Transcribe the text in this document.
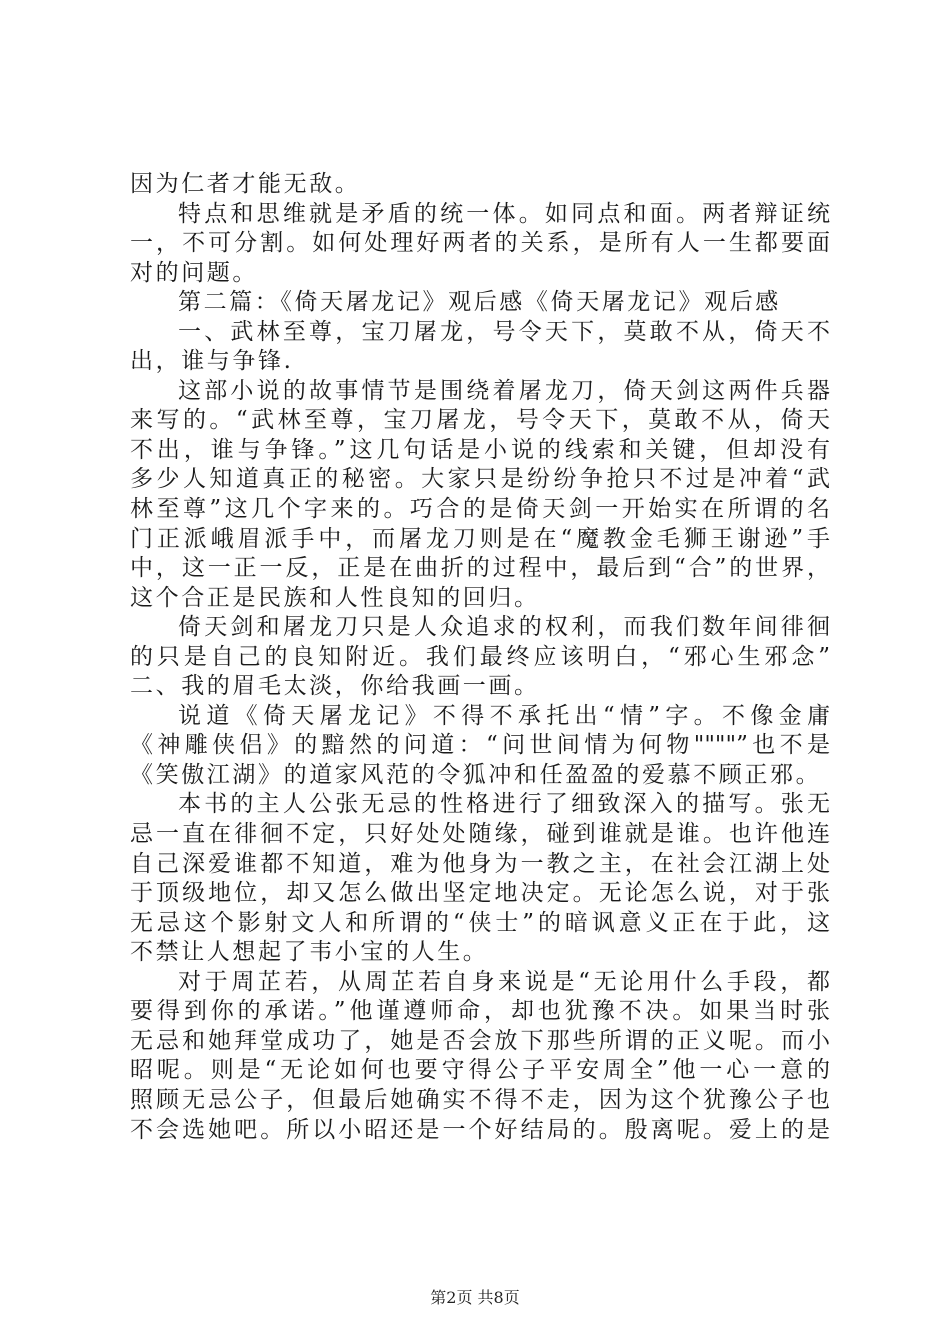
因为仁者才能无敌。
特点和思维就是矛盾的统一体。如同点和面。两者辩证统
一，不可分割。如何处理好两者的关系，是所有人一生都要面
对的问题。
第二篇：《倚天屠龙记》观后感《倚天屠龙记》观后感
一、武林至尊，宝刀屠龙，号令天下，莫敢不从，倚天不
出，谁与争锋.
这部小说的故事情节是围绕着屠龙刀，倚天剑这两件兵器
来写的。“武林至尊，宝刀屠龙，号令天下，莫敢不从，倚天
不出，谁与争锋。”这几句话是小说的线索和关键，但却没有
多少人知道真正的秘密。大家只是纷纷争抢只不过是冲着“武
林至尊”这几个字来的。巧合的是倚天剑一开始实在所谓的名
门正派峨眉派手中，而屠龙刀则是在“魔教金毛狮王谢逊”手
中，这一正一反，正是在曲折的过程中，最后到“合”的世界，
这个合正是民族和人性良知的回归。
倚天剑和屠龙刀只是人众追求的权利，而我们数年间徘徊
的只是自己的良知附近。我们最终应该明白，“邪心生邪念”
二、我的眉毛太淡，你给我画一画。
说道《倚天屠龙记》不得不承托出“情”字。不像金庸
《神雕侠侣》的黯然的问道：“问世间情为何物""""”也不是
《笑傲江湖》的道家风范的令狐冲和任盈盈的爱慕不顾正邪。
本书的主人公张无忌的性格进行了细致深入的描写。张无
忌一直在徘徊不定，只好处处随缘，碰到谁就是谁。也许他连
自己深爱谁都不知道，难为他身为一教之主，在社会江湖上处
于顶级地位，却又怎么做出坚定地决定。无论怎么说，对于张
无忌这个影射文人和所谓的“侠士”的暗讽意义正在于此，这
不禁让人想起了韦小宝的人生。
对于周芷若，从周芷若自身来说是“无论用什么手段，都
要得到你的承诺。”他谨遵师命，却也犹豫不决。如果当时张
无忌和她拜堂成功了，她是否会放下那些所谓的正义呢。而小
昭呢。则是“无论如何也要守得公子平安周全”他一心一意的
照顾无忌公子，但最后她确实不得不走，因为这个犹豫公子也
不会选她吧。所以小昭还是一个好结局的。殷离呢。爱上的是
第2页 共8页
